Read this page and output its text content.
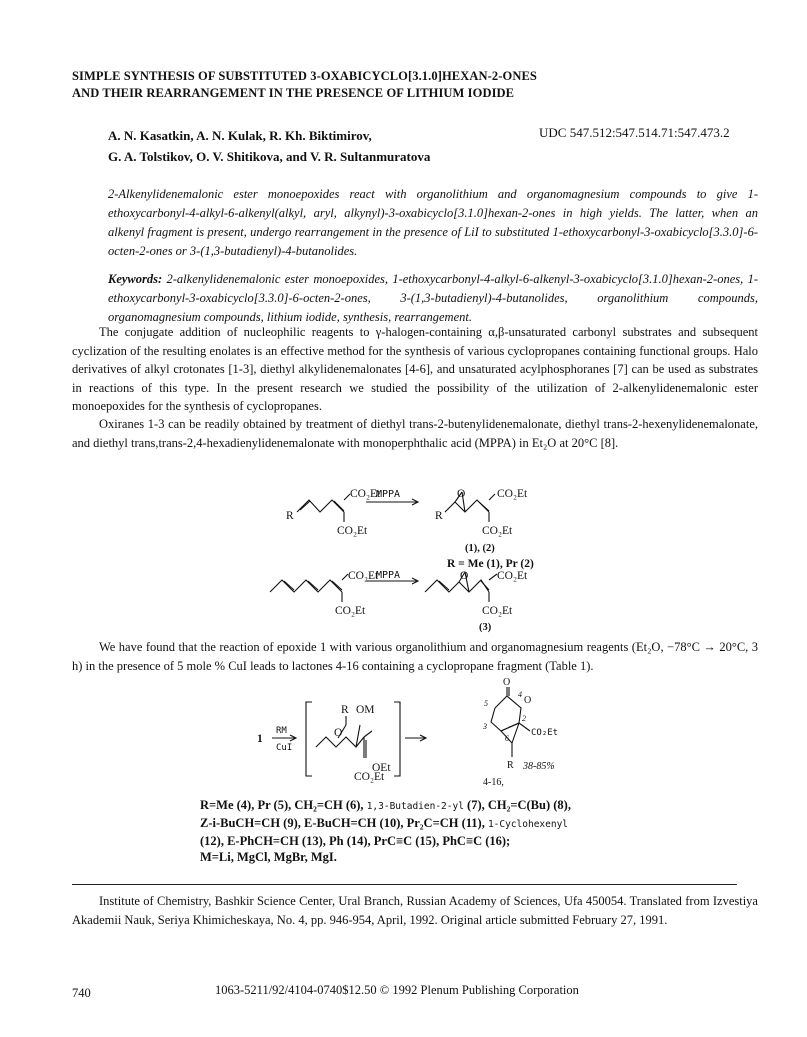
SIMPLE SYNTHESIS OF SUBSTITUTED 3-OXABICYCLO[3.1.0]HEXAN-2-ONES
AND THEIR REARRANGEMENT IN THE PRESENCE OF LITHIUM IODIDE
A. N. Kasatkin, A. N. Kulak, R. Kh. Biktimirov,
G. A. Tolstikov, O. V. Shitikova, and V. R. Sultanmuratova
UDC 547.512:547.514.71:547.473.2
2-Alkenylidenemalonic ester monoepoxides react with organolithium and organomagnesium compounds to give 1-ethoxycarbonyl-4-alkyl-6-alkenyl(alkyl, aryl, alkynyl)-3-oxabicyclo[3.1.0]hexan-2-ones in high yields. The latter, when an alkenyl fragment is present, undergo rearrangement in the presence of LiI to substituted 1-ethoxycarbonyl-3-oxabicyclo[3.3.0]-6-octen-2-ones or 3-(1,3-butadienyl)-4-butanolides.
Keywords: 2-alkenylidenemalonic ester monoepoxides, 1-ethoxycarbonyl-4-alkyl-6-alkenyl-3-oxabicyclo[3.1.0]hexan-2-ones, 1-ethoxycarbonyl-3-oxabicyclo[3.3.0]-6-octen-2-ones, 3-(1,3-butadienyl)-4-butanolides, organolithium compounds, organomagnesium compounds, lithium iodide, synthesis, rearrangement.
The conjugate addition of nucleophilic reagents to γ-halogen-containing α,β-unsaturated carbonyl substrates and subsequent cyclization of the resulting enolates is an effective method for the synthesis of various cyclopropanes containing functional groups. Halo derivatives of alkyl crotonates [1-3], diethyl alkylidenemalonates [4-6], and unsaturated acylphosphoranes [7] can be used as substrates in reactions of this type. In the present research we studied the possibility of the utilization of 2-alkenylidenemalonic ester monoepoxides for the synthesis of cyclopropanes.
Oxiranes 1-3 can be readily obtained by treatment of diethyl trans-2-butenylidenemalonate, diethyl trans-2-hexenylidenemalonate, and diethyl trans,trans-2,4-hexadienylidenemalonate with monoperphthalic acid (MPPA) in Et₂O at 20°C [8].
CO₂Et
R
CO₂Et
MPPA	O	CO₂Et
R
CO₂Et
(1), (2)
R = Me (1), Pr (2)
CO₂Et
CO₂Et
MPPA	O CO₂Et
CO₂Et
(3)
1
RM
CuI
R OM
O
OEt
CO₂Et
O
O
5
4
3
2
6
CO₂Et
R 38-85%
4-16,
We have found that the reaction of epoxide 1 with various organolithium and organomagnesium reagents (Et₂O, −78°C → 20°C, 3 h) in the presence of 5 mole % CuI leads to lactones 4-16 containing a cyclopropane fragment (Table 1).
R=Me (4), Pr (5), CH₂=CH (6), 1,3-Butadien-2-yl (7), CH₂=C(Bu) (8),
Z-i-BuCH=CH (9), E-BuCH=CH (10), Pr₂C=CH (11), 1-Cyclohexenyl
(12), E-PhCH=CH (13), Ph (14), PrC≡C (15), PhC≡C (16);
M=Li, MgCl, MgBr, MgI.
Institute of Chemistry, Bashkir Science Center, Ural Branch, Russian Academy of Sciences, Ufa 450054. Translated from Izvestiya Akademii Nauk, Seriya Khimicheskaya, No. 4, pp. 946-954, April, 1992. Original article submitted February 27, 1991.
740	1063-5211/92/4104-0740$12.50 © 1992 Plenum Publishing Corporation
